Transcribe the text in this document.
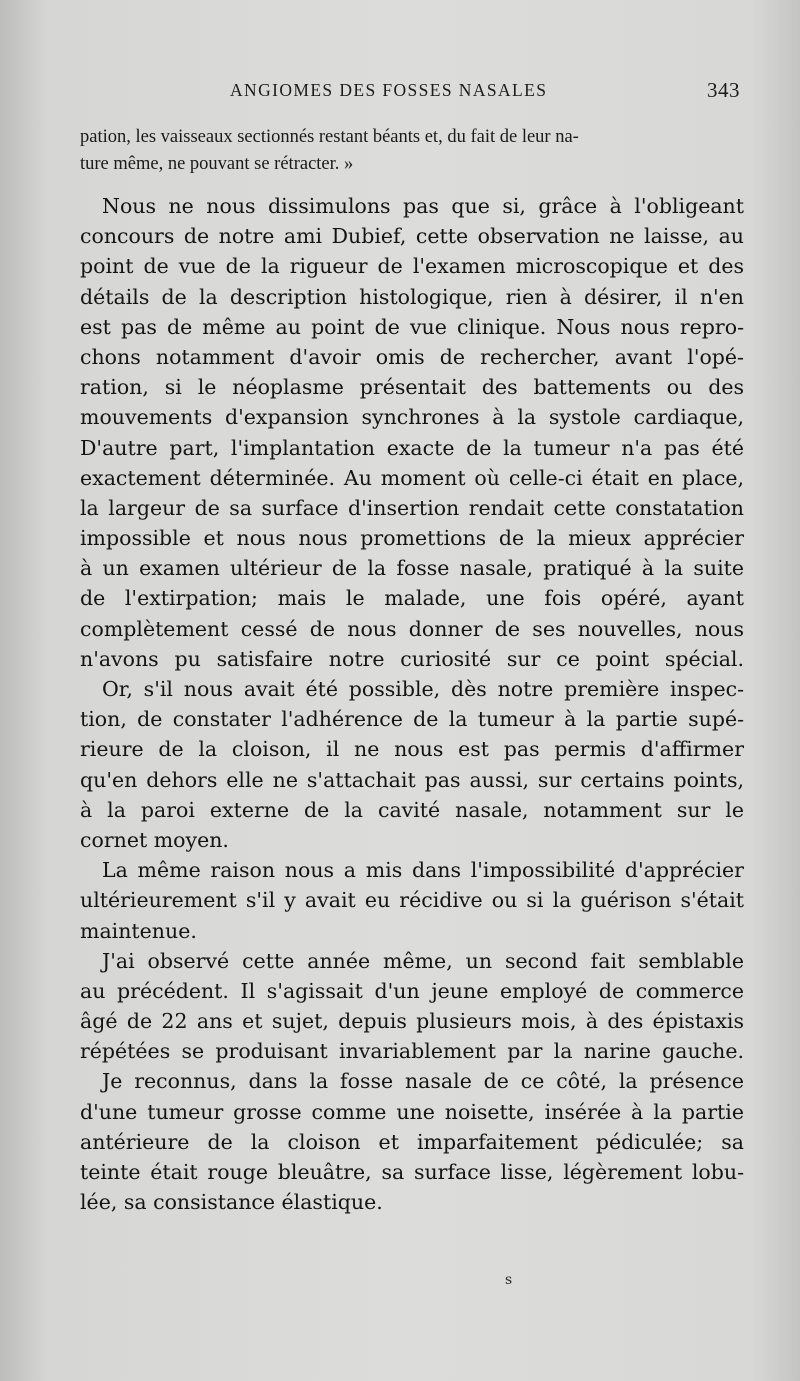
ANGIOMES DES FOSSES NASALES	343
pation, les vaisseaux sectionnés restant béants et, du fait de leur na-
ture même, ne pouvant se rétracter. »
Nous ne nous dissimulons pas que si, grâce à l'obligeant
concours de notre ami Dubief, cette observation ne laisse, au
point de vue de la rigueur de l'examen microscopique et des
détails de la description histologique, rien à désirer, il n'en
est pas de même au point de vue clinique. Nous nous repro-
chons notamment d'avoir omis de rechercher, avant l'opé-
ration, si le néoplasme présentait des battements ou des
mouvements d'expansion synchrones à la systole cardiaque,
D'autre part, l'implantation exacte de la tumeur n'a pas été
exactement déterminée. Au moment où celle-ci était en place,
la largeur de sa surface d'insertion rendait cette constatation
impossible et nous nous promettions de la mieux apprécier
à un examen ultérieur de la fosse nasale, pratiqué à la suite
de l'extirpation; mais le malade, une fois opéré, ayant
complètement cessé de nous donner de ses nouvelles, nous
n'avons pu satisfaire notre curiosité sur ce point spécial.
Or, s'il nous avait été possible, dès notre première inspec-
tion, de constater l'adhérence de la tumeur à la partie supé-
rieure de la cloison, il ne nous est pas permis d'affirmer
qu'en dehors elle ne s'attachait pas aussi, sur certains points,
à la paroi externe de la cavité nasale, notamment sur le
cornet moyen.
La même raison nous a mis dans l'impossibilité d'apprécier
ultérieurement s'il y avait eu récidive ou si la guérison s'était
maintenue.
J'ai observé cette année même, un second fait semblable
au précédent. Il s'agissait d'un jeune employé de commerce
âgé de 22 ans et sujet, depuis plusieurs mois, à des épistaxis
répétées se produisant invariablement par la narine gauche.
Je reconnus, dans la fosse nasale de ce côté, la présence
d'une tumeur grosse comme une noisette, insérée à la partie
antérieure de la cloison et imparfaitement pédiculée; sa
teinte était rouge bleuâtre, sa surface lisse, légèrement lobu-
lée, sa consistance élastique.
s
